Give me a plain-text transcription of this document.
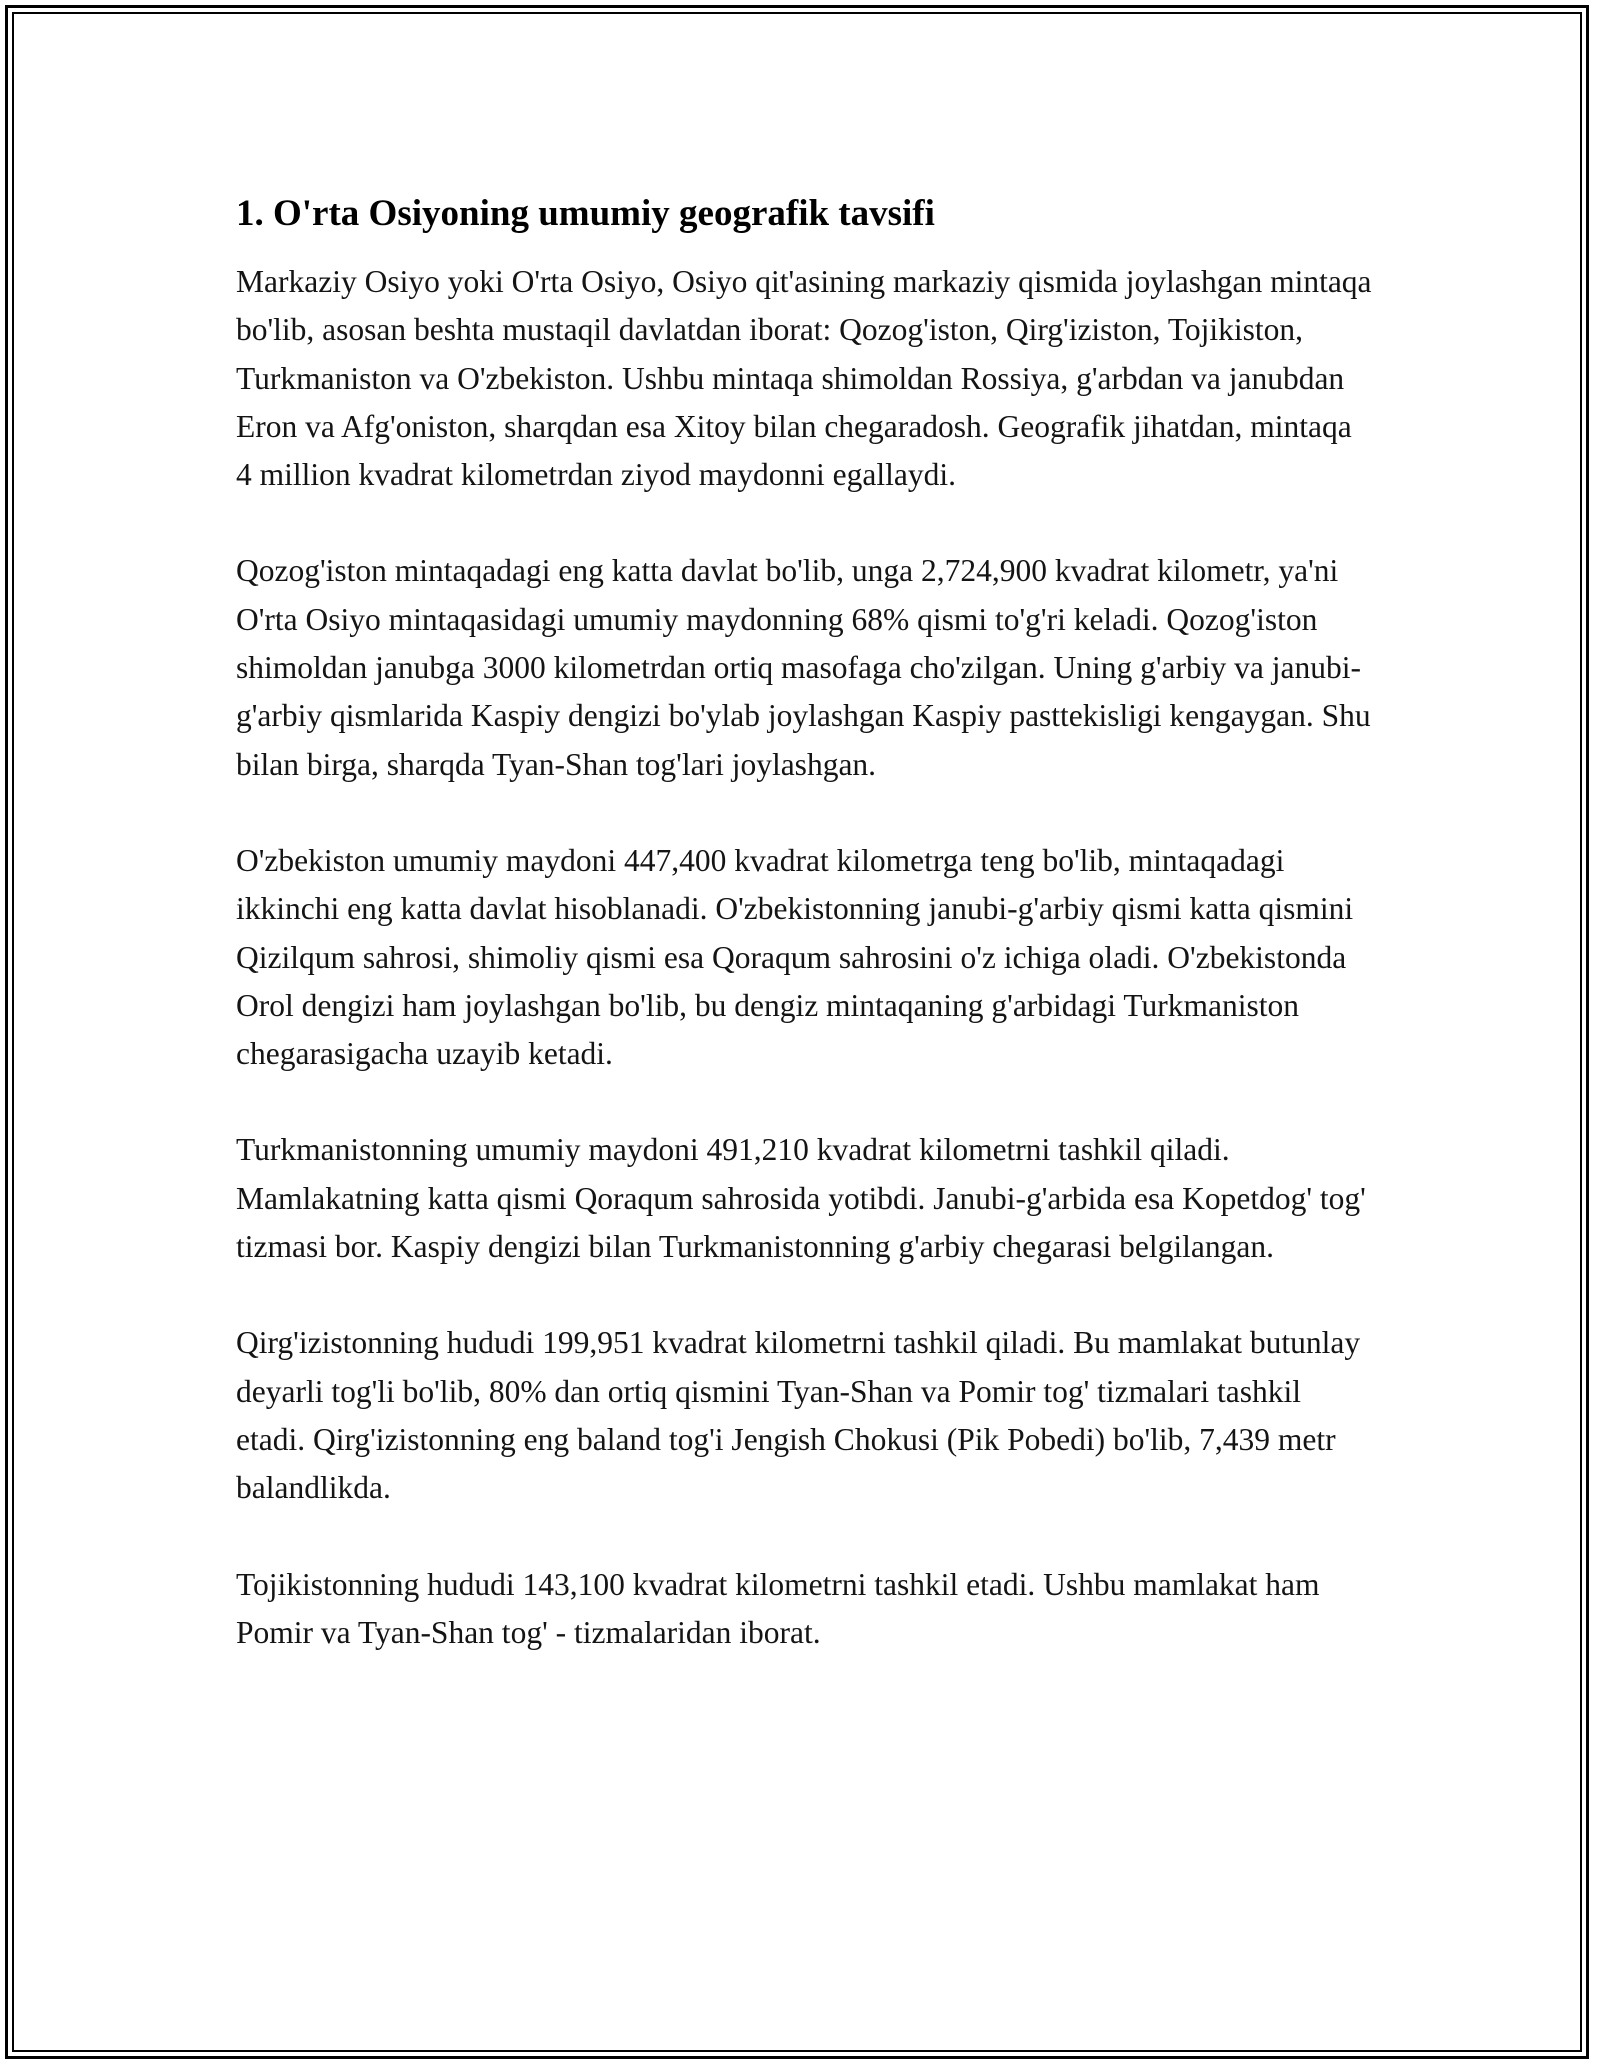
1. O'rta Osiyoning umumiy geografik tavsifi

Markaziy Osiyo yoki O'rta Osiyo, Osiyo qit'asining markaziy qismida joylashgan mintaqa bo'lib, asosan beshta mustaqil davlatdan iborat: Qozog'iston, Qirg'iziston, Tojikiston, Turkmaniston va O'zbekiston. Ushbu mintaqa shimoldan Rossiya, g'arbdan va janubdan Eron va Afg'oniston, sharqdan esa Xitoy bilan chegaradosh. Geografik jihatdan, mintaqa 4 million kvadrat kilometrdan ziyod maydonni egallaydi.

Qozog'iston mintaqadagi eng katta davlat bo'lib, unga 2,724,900 kvadrat kilometr, ya'ni O'rta Osiyo mintaqasidagi umumiy maydonning 68% qismi to'g'ri keladi. Qozog'iston shimoldan janubga 3000 kilometrdan ortiq masofaga cho'zilgan. Uning g'arbiy va janubi-g'arbiy qismlarida Kaspiy dengizi bo'ylab joylashgan Kaspiy pasttekisligi kengaygan. Shu bilan birga, sharqda Tyan-Shan tog'lari joylashgan.

O'zbekiston umumiy maydoni 447,400 kvadrat kilometrga teng bo'lib, mintaqadagi ikkinchi eng katta davlat hisoblanadi. O'zbekistonning janubi-g'arbiy qismi katta qismini Qizilqum sahrosi, shimoliy qismi esa Qoraqum sahrosini o'z ichiga oladi. O'zbekistonda Orol dengizi ham joylashgan bo'lib, bu dengiz mintaqaning g'arbidagi Turkmaniston chegarasigacha uzayib ketadi.

Turkmanistonning umumiy maydoni 491,210 kvadrat kilometrni tashkil qiladi. Mamlakatning katta qismi Qoraqum sahrosida yotibdi. Janubi-g'arbida esa Kopetdog' tog' tizmasi bor. Kaspiy dengizi bilan Turkmanistonning g'arbiy chegarasi belgilangan.

Qirg'izistonning hududi 199,951 kvadrat kilometrni tashkil qiladi. Bu mamlakat butunlay deyarli tog'li bo'lib, 80% dan ortiq qismini Tyan-Shan va Pomir tog' tizmalari tashkil etadi. Qirg'izistonning eng baland tog'i Jengish Chokusi (Pik Pobedi) bo'lib, 7,439 metr balandlikda.

Tojikistonning hududi 143,100 kvadrat kilometrni tashkil etadi. Ushbu mamlakat ham Pomir va Tyan-Shan tog' - tizmalaridan iborat.
